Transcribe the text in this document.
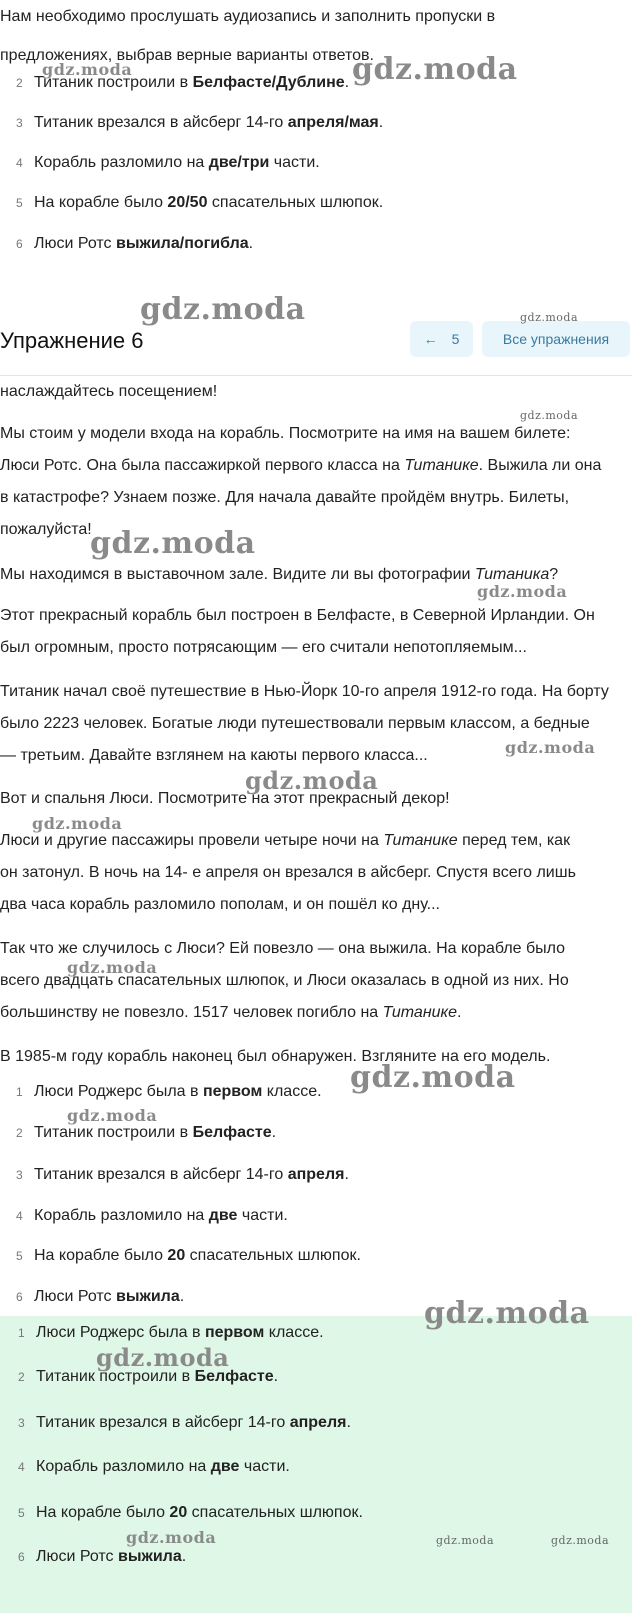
Нам необходимо прослушать аудиозапись и заполнить пропуски в
предложениях, выбрав верные варианты ответов.
2 Титаник построили в Белфасте/Дублине.
3 Титаник врезался в айсберг 14-го апреля/мая.
4 Корабль разломило на две/три части.
5 На корабле было 20/50 спасательных шлюпок.
6 Люси Ротс выжила/погибла.
Упражнение 6	← 5	Все упражнения
наслаждайтесь посещением!
Мы стоим у модели входа на корабль. Посмотрите на имя на вашем билете:
Люси Ротс. Она была пассажиркой первого класса на Титанике. Выжила ли она
в катастрофе? Узнаем позже. Для начала давайте пройдём внутрь. Билеты,
пожалуйста!
Мы находимся в выставочном зале. Видите ли вы фотографии Титаника?
Этот прекрасный корабль был построен в Белфасте, в Северной Ирландии. Он
был огромным, просто потрясающим — его считали непотопляемым...
Титаник начал своё путешествие в Нью-Йорк 10-го апреля 1912-го года. На борту
было 2223 человек. Богатые люди путешествовали первым классом, а бедные
— третьим. Давайте взглянем на каюты первого класса...
Вот и спальня Люси. Посмотрите на этот прекрасный декор!
Люси и другие пассажиры провели четыре ночи на Титанике перед тем, как
он затонул. В ночь на 14- е апреля он врезался в айсберг. Спустя всего лишь
два часа корабль разломило пополам, и он пошёл ко дну...
Так что же случилось с Люси? Ей повезло — она выжила. На корабле было
всего двадцать спасательных шлюпок, и Люси оказалась в одной из них. Но
большинству не повезло. 1517 человек погибло на Титанике.
В 1985-м году корабль наконец был обнаружен. Взгляните на его модель.
1 Люси Роджерс была в первом классе.
2 Титаник построили в Белфасте.
3 Титаник врезался в айсберг 14-го апреля.
4 Корабль разломило на две части.
5 На корабле было 20 спасательных шлюпок.
6 Люси Ротс выжила.
1 Люси Роджерс была в первом классе.
2 Титаник построили в Белфасте.
3 Титаник врезался в айсберг 14-го апреля.
4 Корабль разломило на две части.
5 На корабле было 20 спасательных шлюпок.
6 Люси Ротс выжила.
gdz.moda
gdz.moda
gdz.moda	gdz.moda
gdz.moda
gdz.moda
gdz.moda
gdz.moda
gdz.moda
gdz.moda
gdz.moda
gdz.moda
gdz.moda
gdz.moda
gdz.moda
gdz.moda	gdz.moda	gdz.moda
